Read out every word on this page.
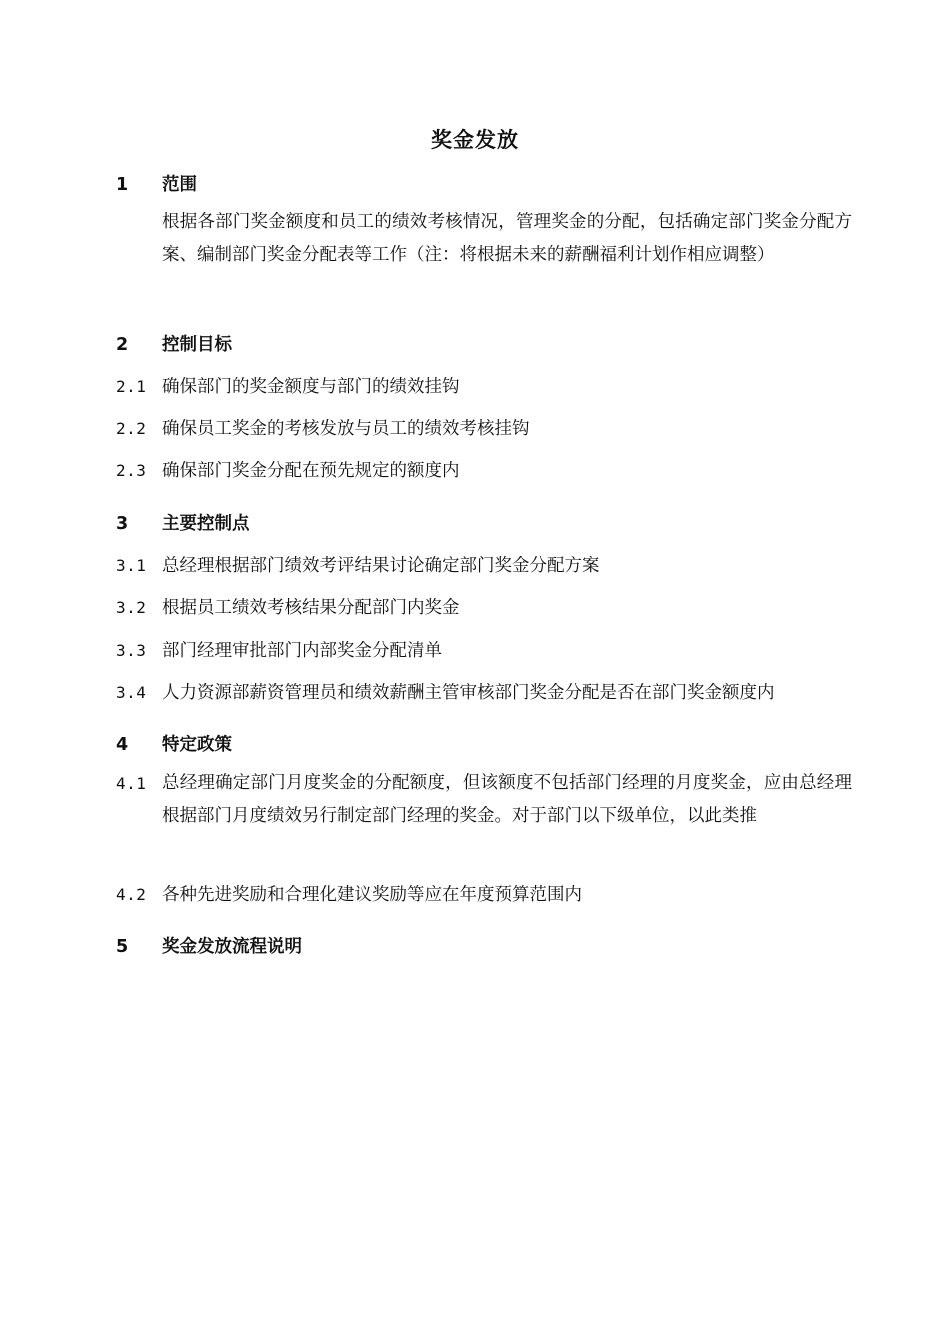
奖金发放
1 范围
根据各部门奖金额度和员工的绩效考核情况，管理奖金的分配，包括确定部门奖金分配方案、编制部门奖金分配表等工作（注：将根据未来的薪酬福利计划作相应调整）
2 控制目标
2.1 确保部门的奖金额度与部门的绩效挂钩
2.2 确保员工奖金的考核发放与员工的绩效考核挂钩
2.3 确保部门奖金分配在预先规定的额度内
3 主要控制点
3.1 总经理根据部门绩效考评结果讨论确定部门奖金分配方案
3.2 根据员工绩效考核结果分配部门内奖金
3.3 部门经理审批部门内部奖金分配清单
3.4 人力资源部薪资管理员和绩效薪酬主管审核部门奖金分配是否在部门奖金额度内
4 特定政策
4.1 总经理确定部门月度奖金的分配额度，但该额度不包括部门经理的月度奖金，应由总经理根据部门月度绩效另行制定部门经理的奖金。对于部门以下级单位，以此类推
4.2 各种先进奖励和合理化建议奖励等应在年度预算范围内
5 奖金发放流程说明
